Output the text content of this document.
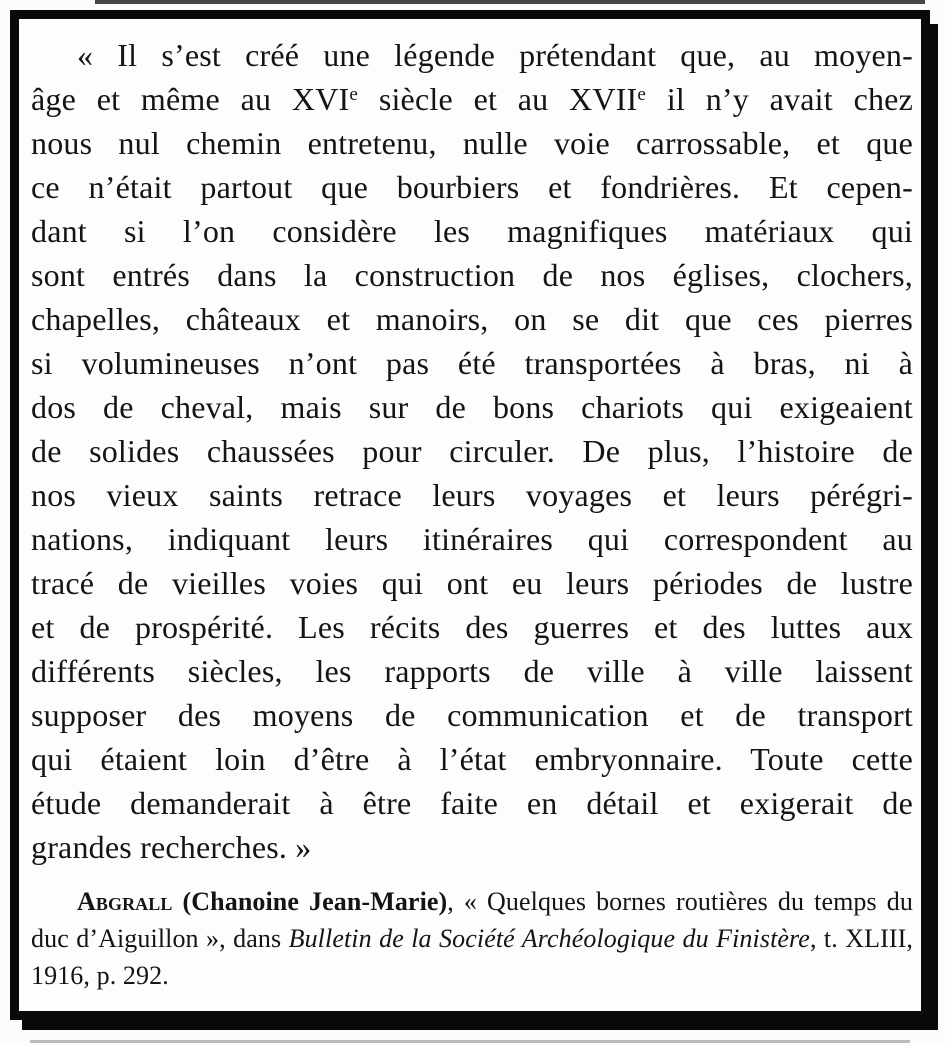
« Il s’est créé une légende prétendant que, au moyen-
âge et même au XVIe siècle et au XVIIe il n’y avait chez
nous nul chemin entretenu, nulle voie carrossable, et que
ce n’était partout que bourbiers et fondrières. Et cepen-
dant si l’on considère les magnifiques matériaux qui
sont entrés dans la construction de nos églises, clochers,
chapelles, châteaux et manoirs, on se dit que ces pierres
si volumineuses n’ont pas été transportées à bras, ni à
dos de cheval, mais sur de bons chariots qui exigeaient
de solides chaussées pour circuler. De plus, l’histoire de
nos vieux saints retrace leurs voyages et leurs pérégri-
nations, indiquant leurs itinéraires qui correspondent au
tracé de vieilles voies qui ont eu leurs périodes de lustre
et de prospérité. Les récits des guerres et des luttes aux
différents siècles, les rapports de ville à ville laissent
supposer des moyens de communication et de transport
qui étaient loin d’être à l’état embryonnaire. Toute cette
étude demanderait à être faite en détail et exigerait de
grandes recherches. »

Abgrall (Chanoine Jean-Marie), « Quelques bornes routières du temps du duc d’Aiguillon », dans Bulletin de la Société Archéologique du Finistère, t. XLIII, 1916, p. 292.
